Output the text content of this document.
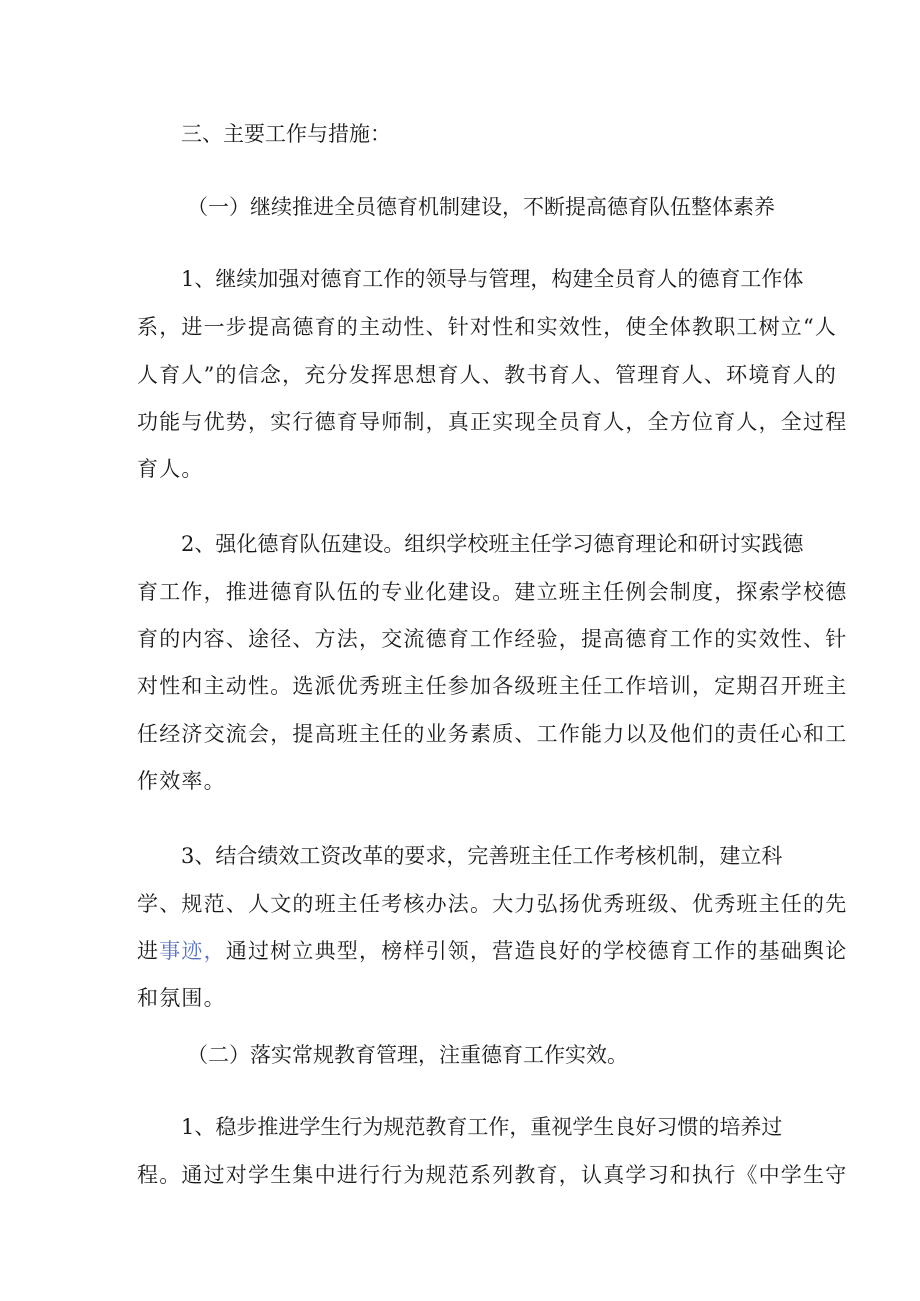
三、主要工作与措施：
（一）继续推进全员德育机制建设，不断提高德育队伍整体素养
1、继续加强对德育工作的领导与管理，构建全员育人的德育工作体
系，进一步提高德育的主动性、针对性和实效性，使全体教职工树立“人
人育人”的信念，充分发挥思想育人、教书育人、管理育人、环境育人的
功能与优势，实行德育导师制，真正实现全员育人，全方位育人，全过程
育人。
2、强化德育队伍建设。组织学校班主任学习德育理论和研讨实践德
育工作，推进德育队伍的专业化建设。建立班主任例会制度，探索学校德
育的内容、途径、方法，交流德育工作经验，提高德育工作的实效性、针
对性和主动性。选派优秀班主任参加各级班主任工作培训，定期召开班主
任经济交流会，提高班主任的业务素质、工作能力以及他们的责任心和工
作效率。
3、结合绩效工资改革的要求，完善班主任工作考核机制，建立科
学、规范、人文的班主任考核办法。大力弘扬优秀班级、优秀班主任的先
进事迹，通过树立典型，榜样引领，营造良好的学校德育工作的基础舆论
和氛围。
（二）落实常规教育管理，注重德育工作实效。
1、稳步推进学生行为规范教育工作，重视学生良好习惯的培养过
程。通过对学生集中进行行为规范系列教育，认真学习和执行《中学生守
